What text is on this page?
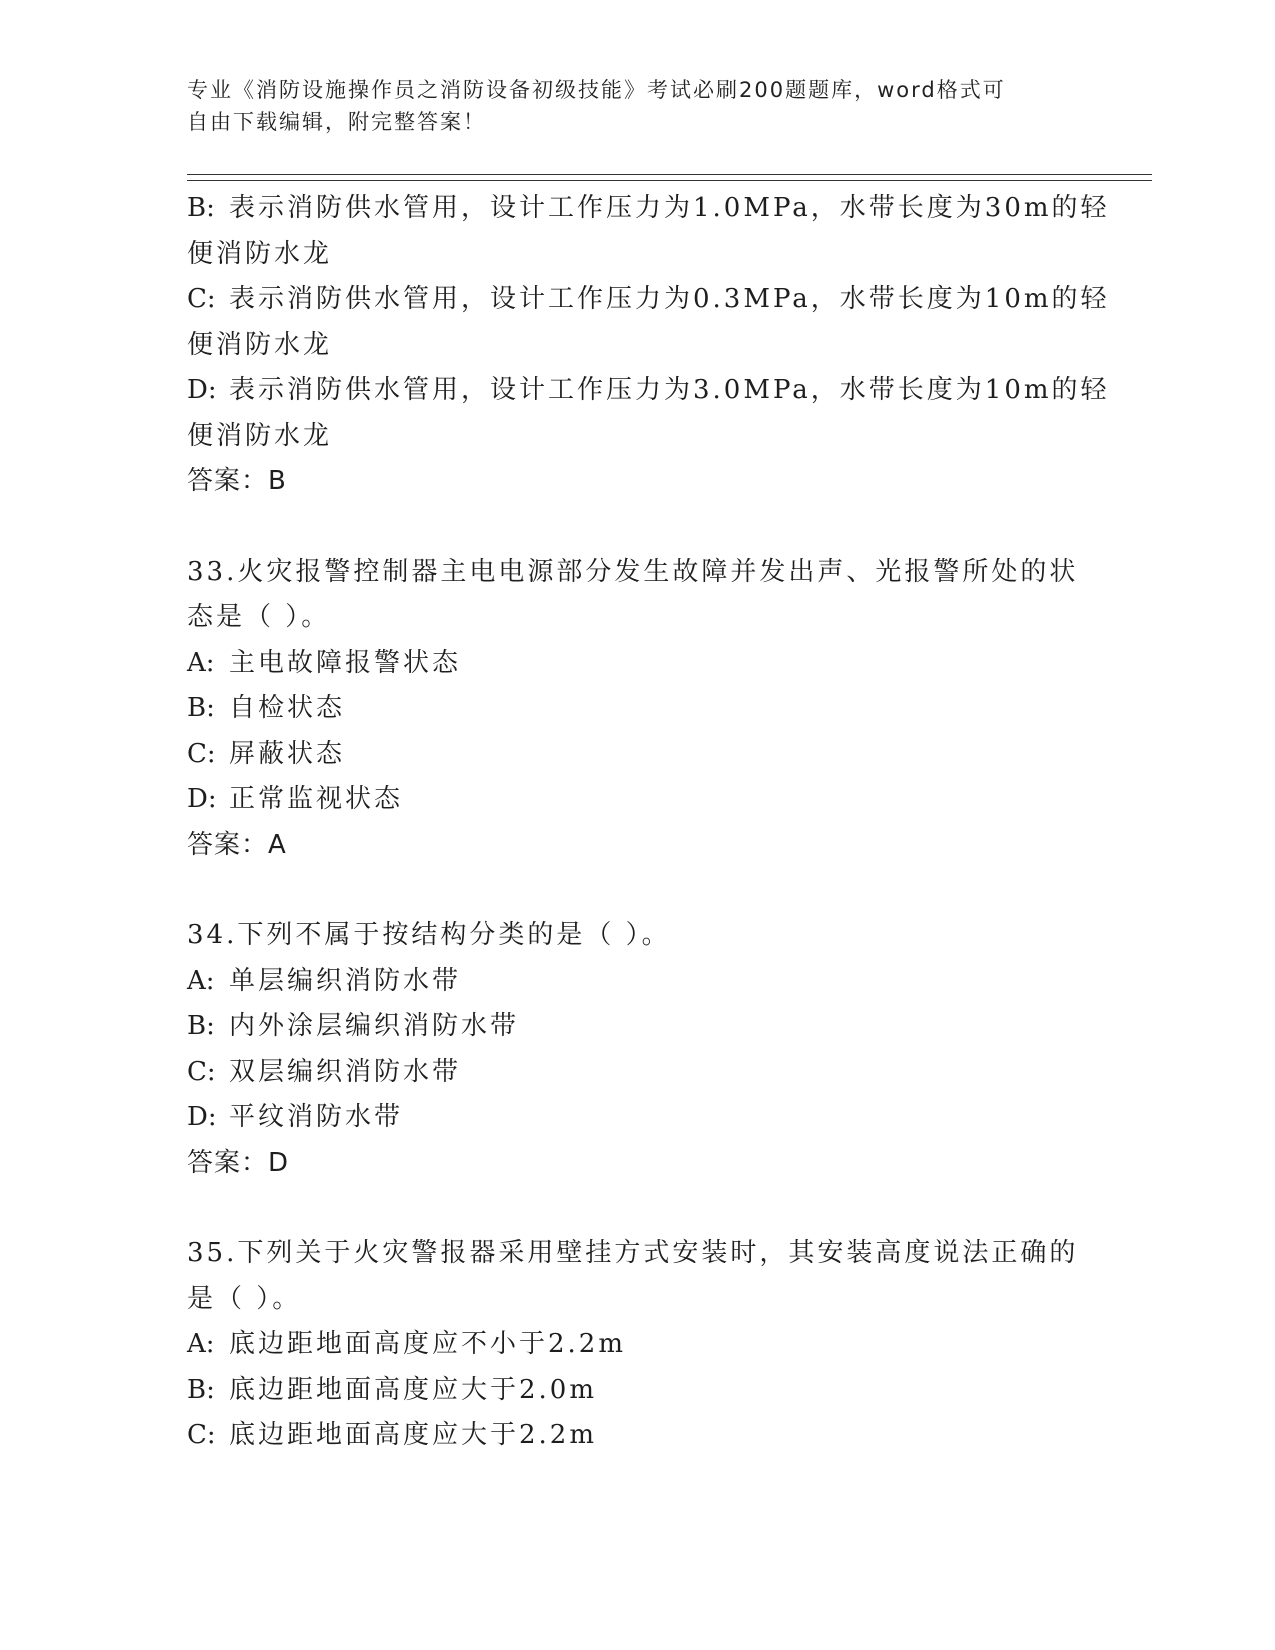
专业《消防设施操作员之消防设备初级技能》考试必刷200题题库，word格式可
自由下载编辑，附完整答案！
B: 表示消防供水管用，设计工作压力为1.0MPa，水带长度为30m的轻
便消防水龙
C: 表示消防供水管用，设计工作压力为0.3MPa，水带长度为10m的轻
便消防水龙
D: 表示消防供水管用，设计工作压力为3.0MPa，水带长度为10m的轻
便消防水龙
答案：B
33.火灾报警控制器主电电源部分发生故障并发出声、光报警所处的状
态是（ ）。
A: 主电故障报警状态
B: 自检状态
C: 屏蔽状态
D: 正常监视状态
答案：A
34.下列不属于按结构分类的是（ ）。
A: 单层编织消防水带
B: 内外涂层编织消防水带
C: 双层编织消防水带
D: 平纹消防水带
答案：D
35.下列关于火灾警报器采用壁挂方式安装时，其安装高度说法正确的
是（ ）。
A: 底边距地面高度应不小于2.2m
B: 底边距地面高度应大于2.0m
C: 底边距地面高度应大于2.2m
